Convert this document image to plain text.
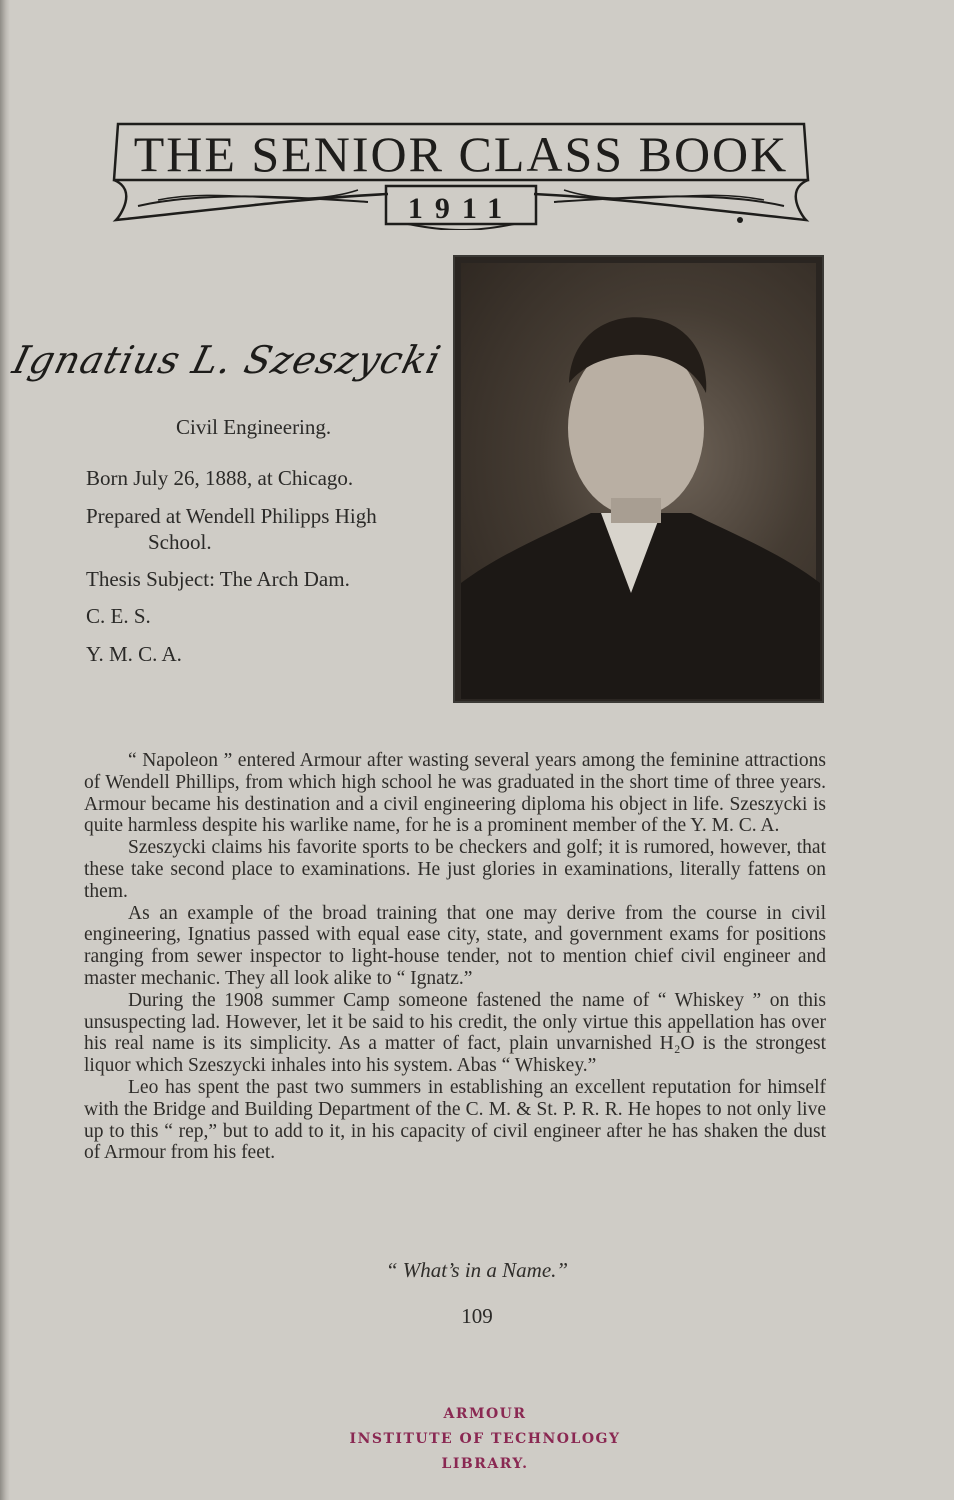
THE SENIOR CLASS BOOK
1911
Ignatius L. Szeszycki
Civil Engineering.
Born July 26, 1888, at Chicago.
Prepared at Wendell Philipps High
School.
Thesis Subject: The Arch Dam.
C. E. S.
Y. M. C. A.

“ Napoleon ” entered Armour after wasting several years among the feminine attractions of Wendell Phillips, from which high school he was graduated in the short time of three years. Armour became his destination and a civil engineering diploma his object in life. Szeszycki is quite harmless despite his warlike name, for he is a prominent member of the Y. M. C. A.

Szeszycki claims his favorite sports to be checkers and golf; it is rumored, however, that these take second place to examinations. He just glories in examinations, literally fattens on them.

As an example of the broad training that one may derive from the course in civil engineering, Ignatius passed with equal ease city, state, and government exams for positions ranging from sewer inspector to light-house tender, not to mention chief civil engineer and master mechanic. They all look alike to “ Ignatz.”

During the 1908 summer Camp someone fastened the name of “ Whiskey ” on this unsuspecting lad. However, let it be said to his credit, the only virtue this appellation has over his real name is its simplicity. As a matter of fact, plain unvarnished H₂O is the strongest liquor which Szeszycki inhales into his system. Abas “ Whiskey.”

Leo has spent the past two summers in establishing an excellent reputation for himself with the Bridge and Building Department of the C. M. & St. P. R. R. He hopes to not only live up to this “ rep,” but to add to it, in his capacity of civil engineer after he has shaken the dust of Armour from his feet.

“ What’s in a Name.”
109
ARMOUR
INSTITUTE OF TECHNOLOGY
LIBRARY.
